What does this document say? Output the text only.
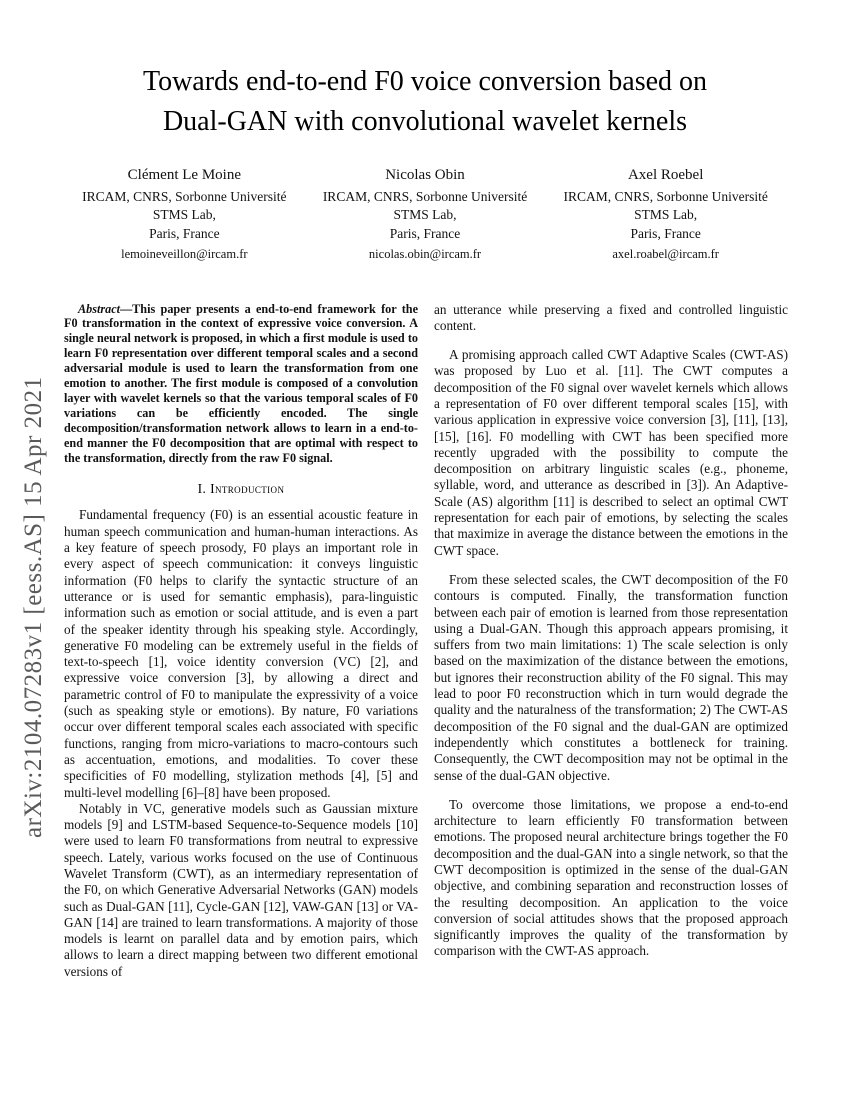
arXiv:2104.07283v1 [eess.AS] 15 Apr 2021
Towards end-to-end F0 voice conversion based on
Dual-GAN with convolutional wavelet kernels
Clément Le Moine
IRCAM, CNRS, Sorbonne Université
STMS Lab,
Paris, France
lemoineveillon@ircam.fr
Nicolas Obin
IRCAM, CNRS, Sorbonne Université
STMS Lab,
Paris, France
nicolas.obin@ircam.fr
Axel Roebel
IRCAM, CNRS, Sorbonne Université
STMS Lab,
Paris, France
axel.roabel@ircam.fr

Abstract—This paper presents a end-to-end framework for the F0 transformation in the context of expressive voice conversion. A single neural network is proposed, in which a first module is used to learn F0 representation over different temporal scales and a second adversarial module is used to learn the transformation from one emotion to another. The first module is composed of a convolution layer with wavelet kernels so that the various temporal scales of F0 variations can be efficiently encoded. The single decomposition/transformation network allows to learn in a end-to-end manner the F0 decomposition that are optimal with respect to the transformation, directly from the raw F0 signal.

I. Introduction

Fundamental frequency (F0) is an essential acoustic feature in human speech communication and human-human interactions. As a key feature of speech prosody, F0 plays an important role in every aspect of speech communication: it conveys linguistic information (F0 helps to clarify the syntactic structure of an utterance or is used for semantic emphasis), para-linguistic information such as emotion or social attitude, and is even a part of the speaker identity through his speaking style. Accordingly, generative F0 modeling can be extremely useful in the fields of text-to-speech [1], voice identity conversion (VC) [2], and expressive voice conversion [3], by allowing a direct and parametric control of F0 to manipulate the expressivity of a voice (such as speaking style or emotions). By nature, F0 variations occur over different temporal scales each associated with specific functions, ranging from micro-variations to macro-contours such as accentuation, emotions, and modalities. To cover these specificities of F0 modelling, stylization methods [4], [5] and multi-level modelling [6]–[8] have been proposed.

Notably in VC, generative models such as Gaussian mixture models [9] and LSTM-based Sequence-to-Sequence models [10] were used to learn F0 transformations from neutral to expressive speech. Lately, various works focused on the use of Continuous Wavelet Transform (CWT), as an intermediary representation of the F0, on which Generative Adversarial Networks (GAN) models such as Dual-GAN [11], Cycle-GAN [12], VAW-GAN [13] or VA-GAN [14] are trained to learn transformations. A majority of those models is learnt on parallel data and by emotion pairs, which allows to learn a direct mapping between two different emotional versions of

an utterance while preserving a fixed and controlled linguistic content.

A promising approach called CWT Adaptive Scales (CWT-AS) was proposed by Luo et al. [11]. The CWT computes a decomposition of the F0 signal over wavelet kernels which allows a representation of F0 over different temporal scales [15], with various application in expressive voice conversion [3], [11], [13], [15], [16]. F0 modelling with CWT has been specified more recently upgraded with the possibility to compute the decomposition on arbitrary linguistic scales (e.g., phoneme, syllable, word, and utterance as described in [3]). An Adaptive-Scale (AS) algorithm [11] is described to select an optimal CWT representation for each pair of emotions, by selecting the scales that maximize in average the distance between the emotions in the CWT space.

From these selected scales, the CWT decomposition of the F0 contours is computed. Finally, the transformation function between each pair of emotion is learned from those representation using a Dual-GAN. Though this approach appears promising, it suffers from two main limitations: 1) The scale selection is only based on the maximization of the distance between the emotions, but ignores their reconstruction ability of the F0 signal. This may lead to poor F0 reconstruction which in turn would degrade the quality and the naturalness of the transformation; 2) The CWT-AS decomposition of the F0 signal and the dual-GAN are optimized independently which constitutes a bottleneck for training. Consequently, the CWT decomposition may not be optimal in the sense of the dual-GAN objective.

To overcome those limitations, we propose a end-to-end architecture to learn efficiently F0 transformation between emotions. The proposed neural architecture brings together the F0 decomposition and the dual-GAN into a single network, so that the CWT decomposition is optimized in the sense of the dual-GAN objective, and combining separation and reconstruction losses of the resulting decomposition. An application to the voice conversion of social attitudes shows that the proposed approach significantly improves the quality of the transformation by comparison with the CWT-AS approach.
